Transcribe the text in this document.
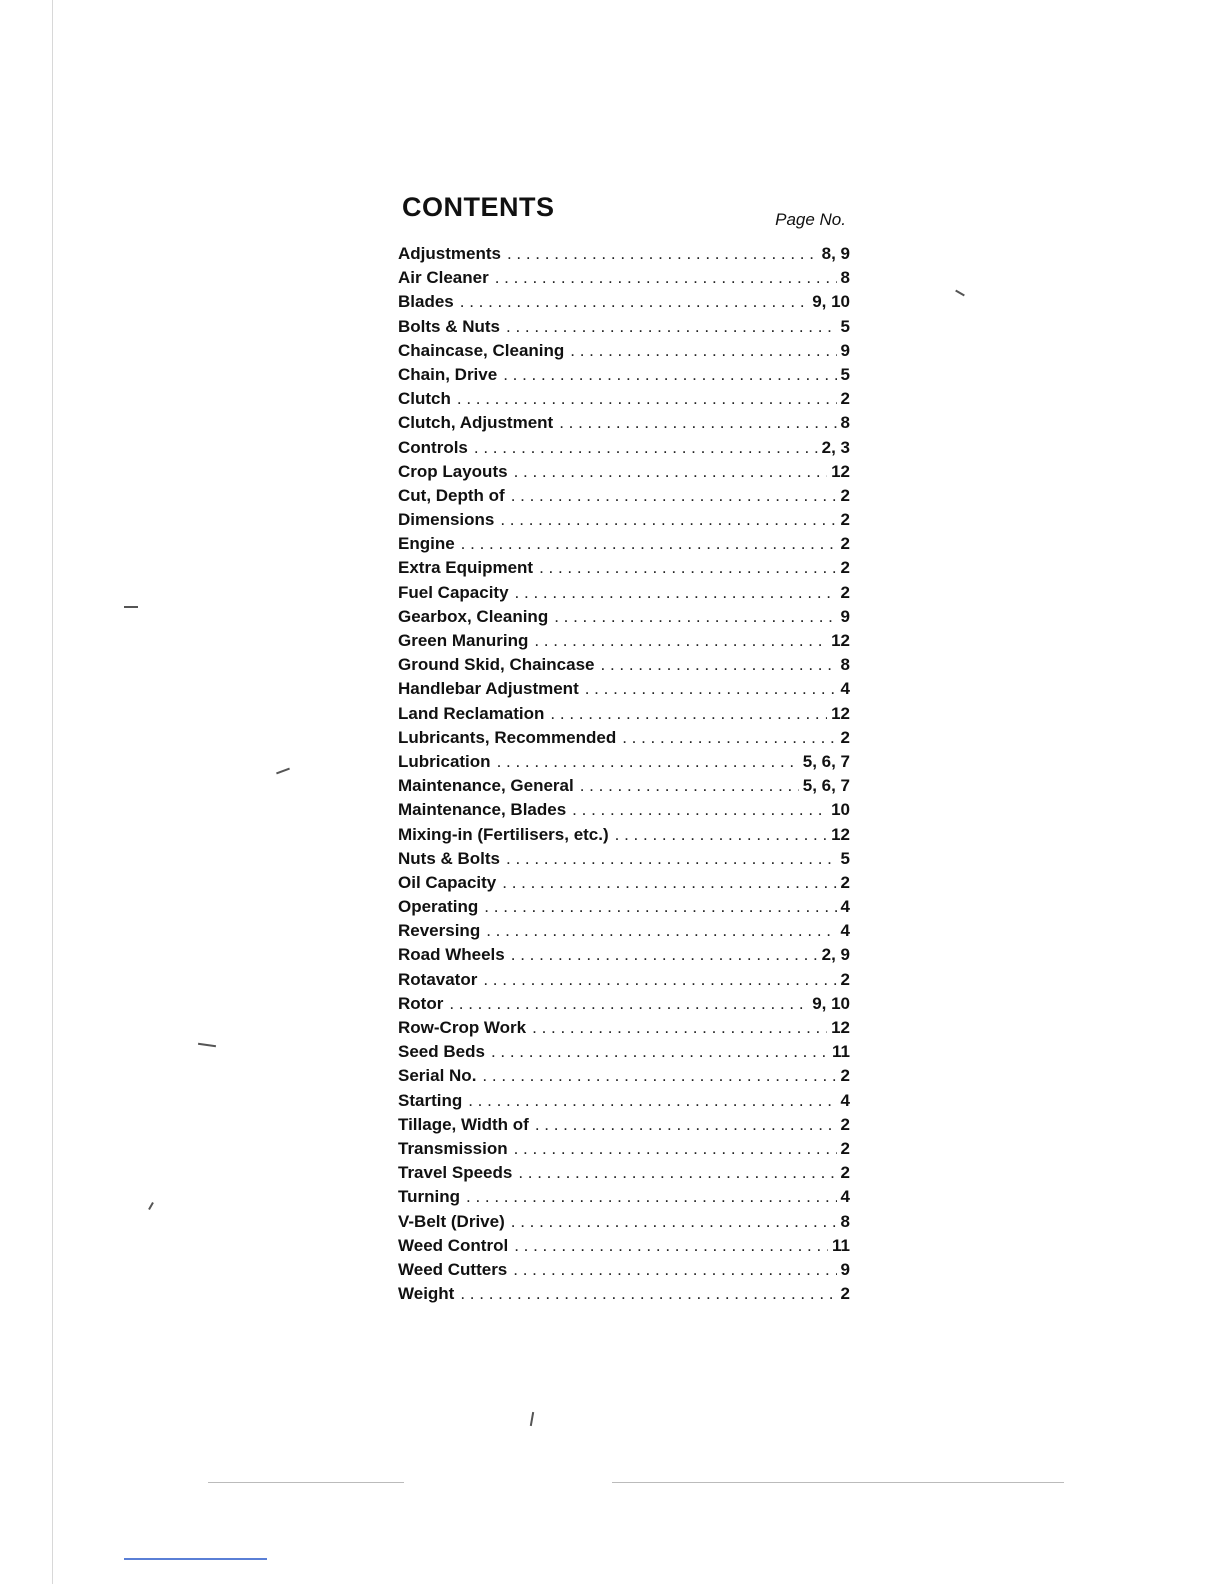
CONTENTS	Page No.
Adjustments . . .	8, 9
Air Cleaner . . .	8
Blades . . .	9, 10
Bolts & Nuts . . .	5
Chaincase, Cleaning . . .	9
Chain, Drive . . .	5
Clutch . . .	2
Clutch, Adjustment . . .	8
Controls . . .	2, 3
Crop Layouts . . .	12
Cut, Depth of . . .	2
Dimensions . . .	2
Engine . . .	2
Extra Equipment . . .	2
Fuel Capacity . . .	2
Gearbox, Cleaning . . .	9
Green Manuring . . .	12
Ground Skid, Chaincase . . .	8
Handlebar Adjustment . . .	4
Land Reclamation . . .	12
Lubricants, Recommended . . .	2
Lubrication . . .	5, 6, 7
Maintenance, General . . .	5, 6, 7
Maintenance, Blades . . .	10
Mixing-in (Fertilisers, etc.) . . .	12
Nuts & Bolts . . .	5
Oil Capacity . . .	2
Operating . . .	4
Reversing . . .	4
Road Wheels . . .	2, 9
Rotavator . . .	2
Rotor . . .	9, 10
Row-Crop Work . . .	12
Seed Beds . . .	11
Serial No. . . .	2
Starting . . .	4
Tillage, Width of . . .	2
Transmission . . .	2
Travel Speeds . . .	2
Turning . . .	4
V-Belt (Drive) . . .	8
Weed Control . . .	11
Weed Cutters . . .	9
Weight . . .	2
